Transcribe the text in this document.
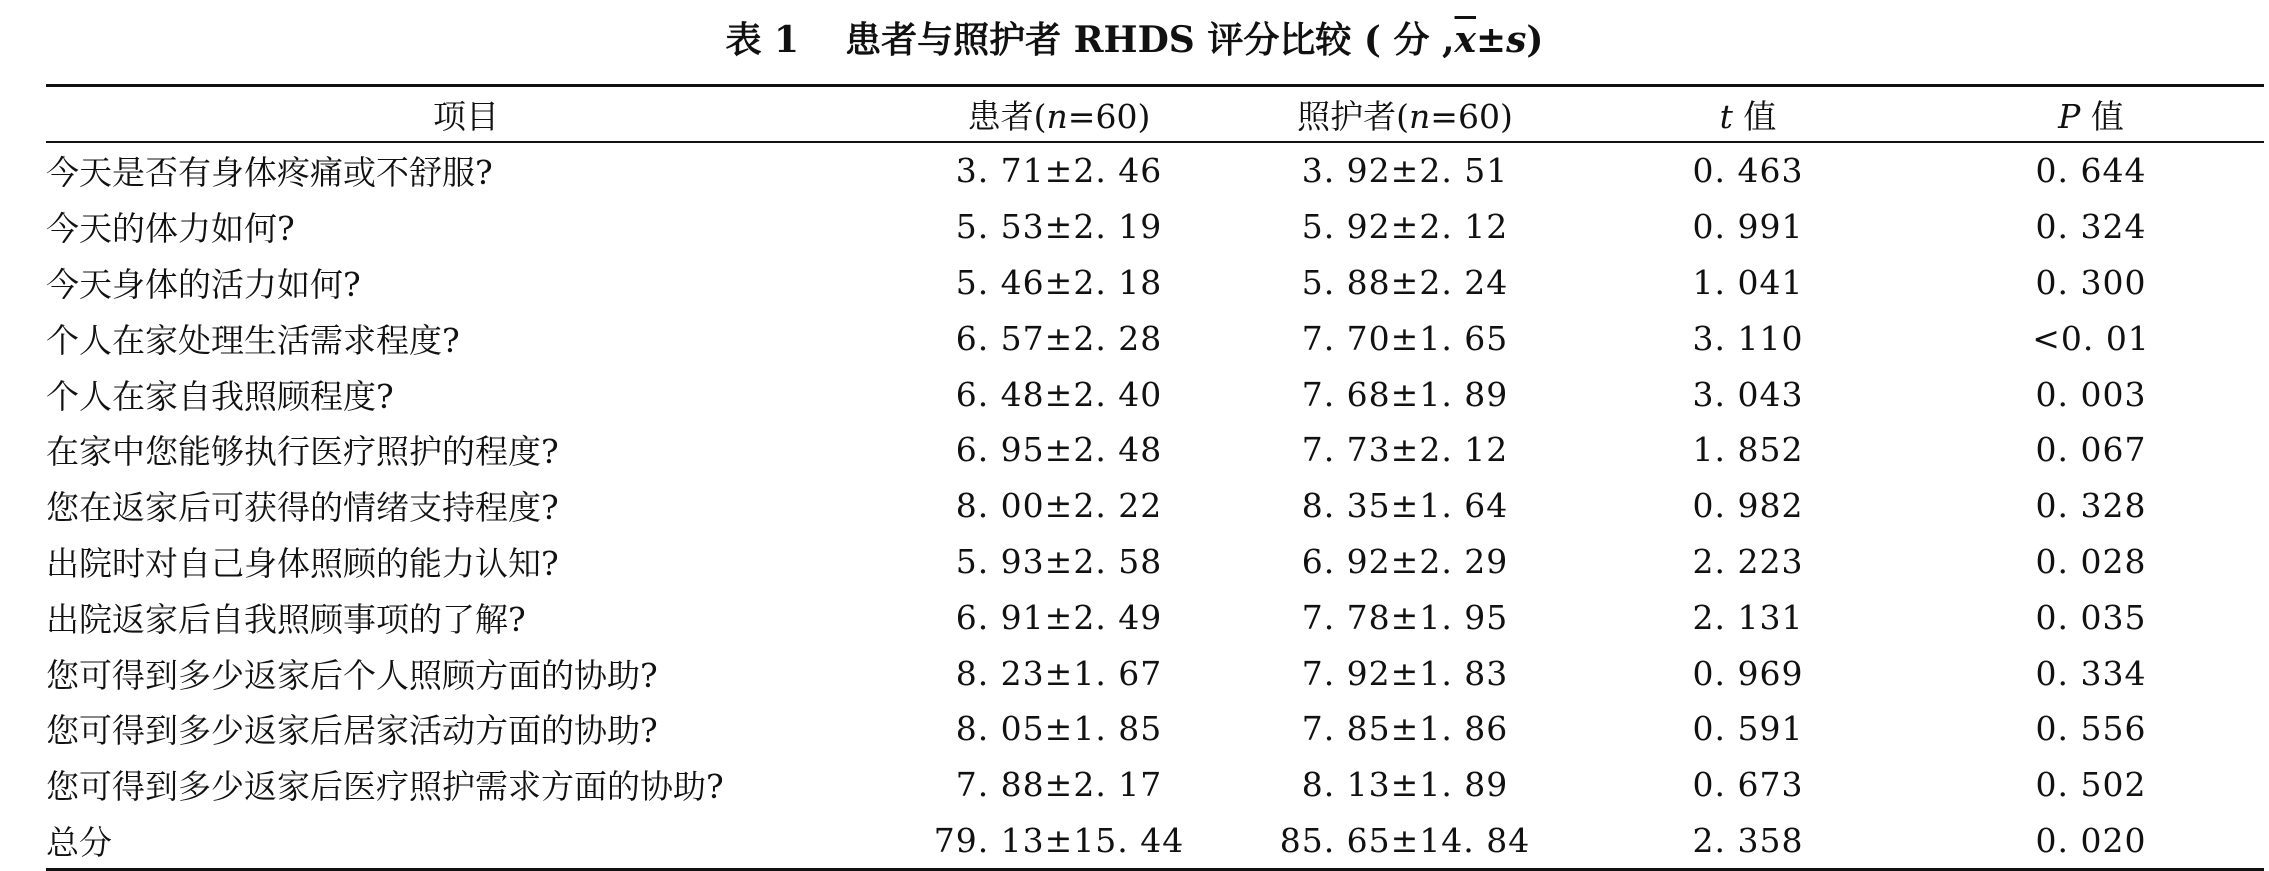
表 1 患者与照护者 RHDS 评分比较 ( 分 $,\overline{x}\pm s$)
项目	患者(n=60)	照护者(n=60)	t 值	P 值
今天是否有身体疼痛或不舒服?	3. 71±2. 46	3. 92±2. 51	0. 463	0. 644
今天的体力如何?	5. 53±2. 19	5. 92±2. 12	0. 991	0. 324
今天身体的活力如何?	5. 46±2. 18	5. 88±2. 24	1. 041	0. 300
个人在家处理生活需求程度?	6. 57±2. 28	7. 70±1. 65	3. 110	<0. 01
个人在家自我照顾程度?	6. 48±2. 40	7. 68±1. 89	3. 043	0. 003
在家中您能够执行医疗照护的程度?	6. 95±2. 48	7. 73±2. 12	1. 852	0. 067
您在返家后可获得的情绪支持程度?	8. 00±2. 22	8. 35±1. 64	0. 982	0. 328
出院时对自己身体照顾的能力认知?	5. 93±2. 58	6. 92±2. 29	2. 223	0. 028
出院返家后自我照顾事项的了解?	6. 91±2. 49	7. 78±1. 95	2. 131	0. 035
您可得到多少返家后个人照顾方面的协助?	8. 23±1. 67	7. 92±1. 83	0. 969	0. 334
您可得到多少返家后居家活动方面的协助?	8. 05±1. 85	7. 85±1. 86	0. 591	0. 556
您可得到多少返家后医疗照护需求方面的协助?	7. 88±2. 17	8. 13±1. 89	0. 673	0. 502
总分	79. 13±15. 44	85. 65±14. 84	2. 358	0. 020
